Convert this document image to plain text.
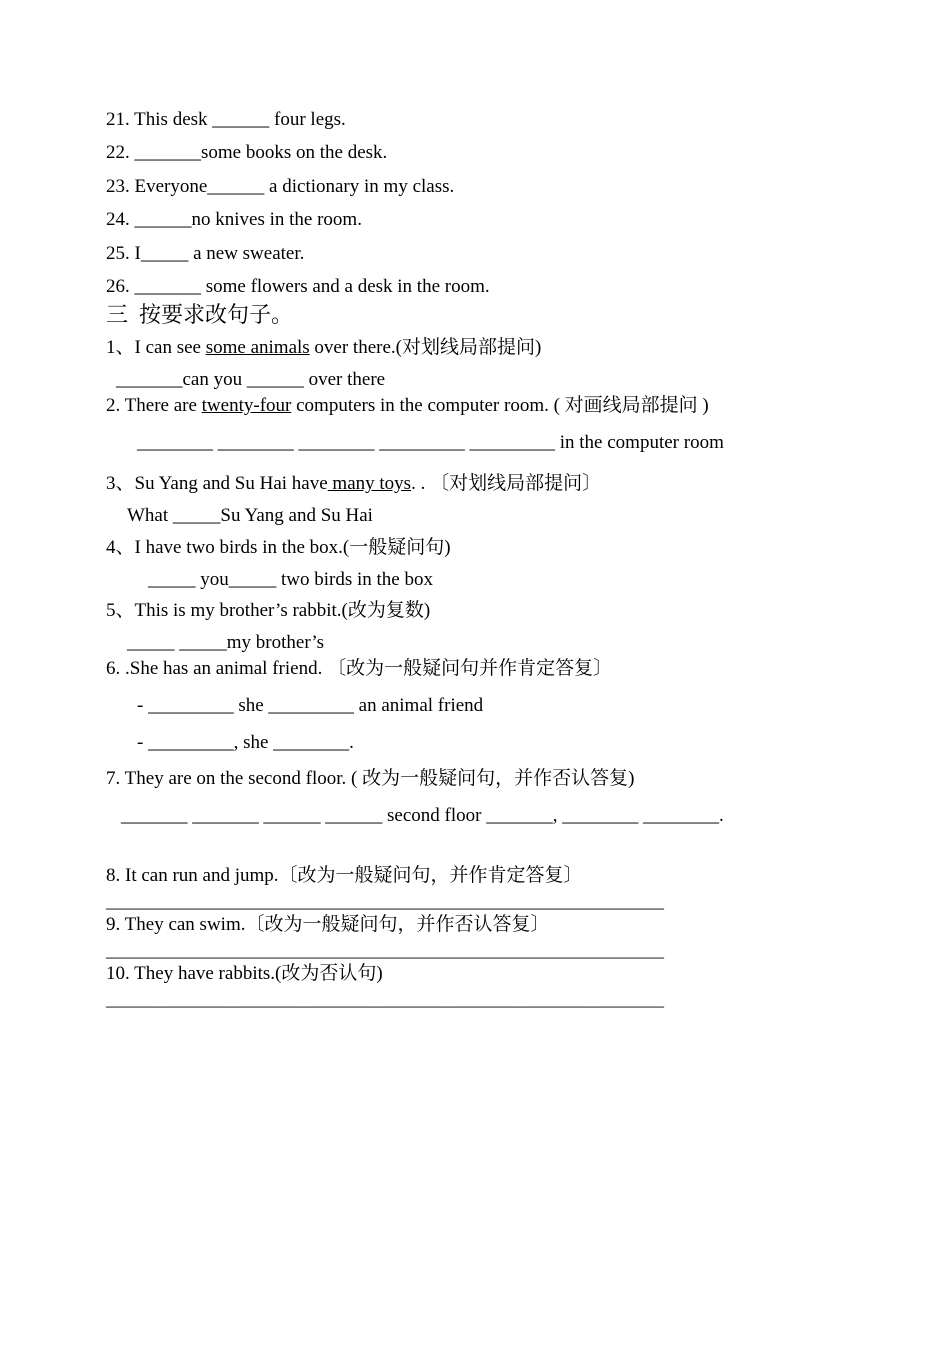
21. This desk ______ four legs.
22. _______some books on the desk.
23. Everyone______ a dictionary in my class.
24. ______no knives in the room.
25. I_____ a new sweater.
26. _______ some flowers and a desk in the room.
三  按要求改句子。
1、I can see some animals over there.(对划线局部提问)
_______can you ______ over there
2. There are twenty-four computers in the computer room. ( 对画线局部提问 )
________ ________ ________ _________ _________ in the computer room
3、Su Yang and Su Hai have many toys. . 〔对划线局部提问〕
What _____Su Yang and Su Hai
4、I have two birds in the box.(一般疑问句)
_____ you_____ two birds in the box
5、This is my brother’s rabbit.(改为复数)
_____ _____my brother’s
6. .She has an animal friend. 〔改为一般疑问句并作肯定答复〕
- _________ she _________ an animal friend
- _________, she ________.
7. They are on the second floor. ( 改为一般疑问句，并作否认答复)
_______ _______ ______ ______ second floor _______, ________ ________.
8. It can run and jump.〔改为一般疑问句，并作肯定答复〕
______________________________________________________________
9. They can swim.〔改为一般疑问句，并作否认答复〕
______________________________________________________________
10. They have rabbits.(改为否认句)
______________________________________________________________
